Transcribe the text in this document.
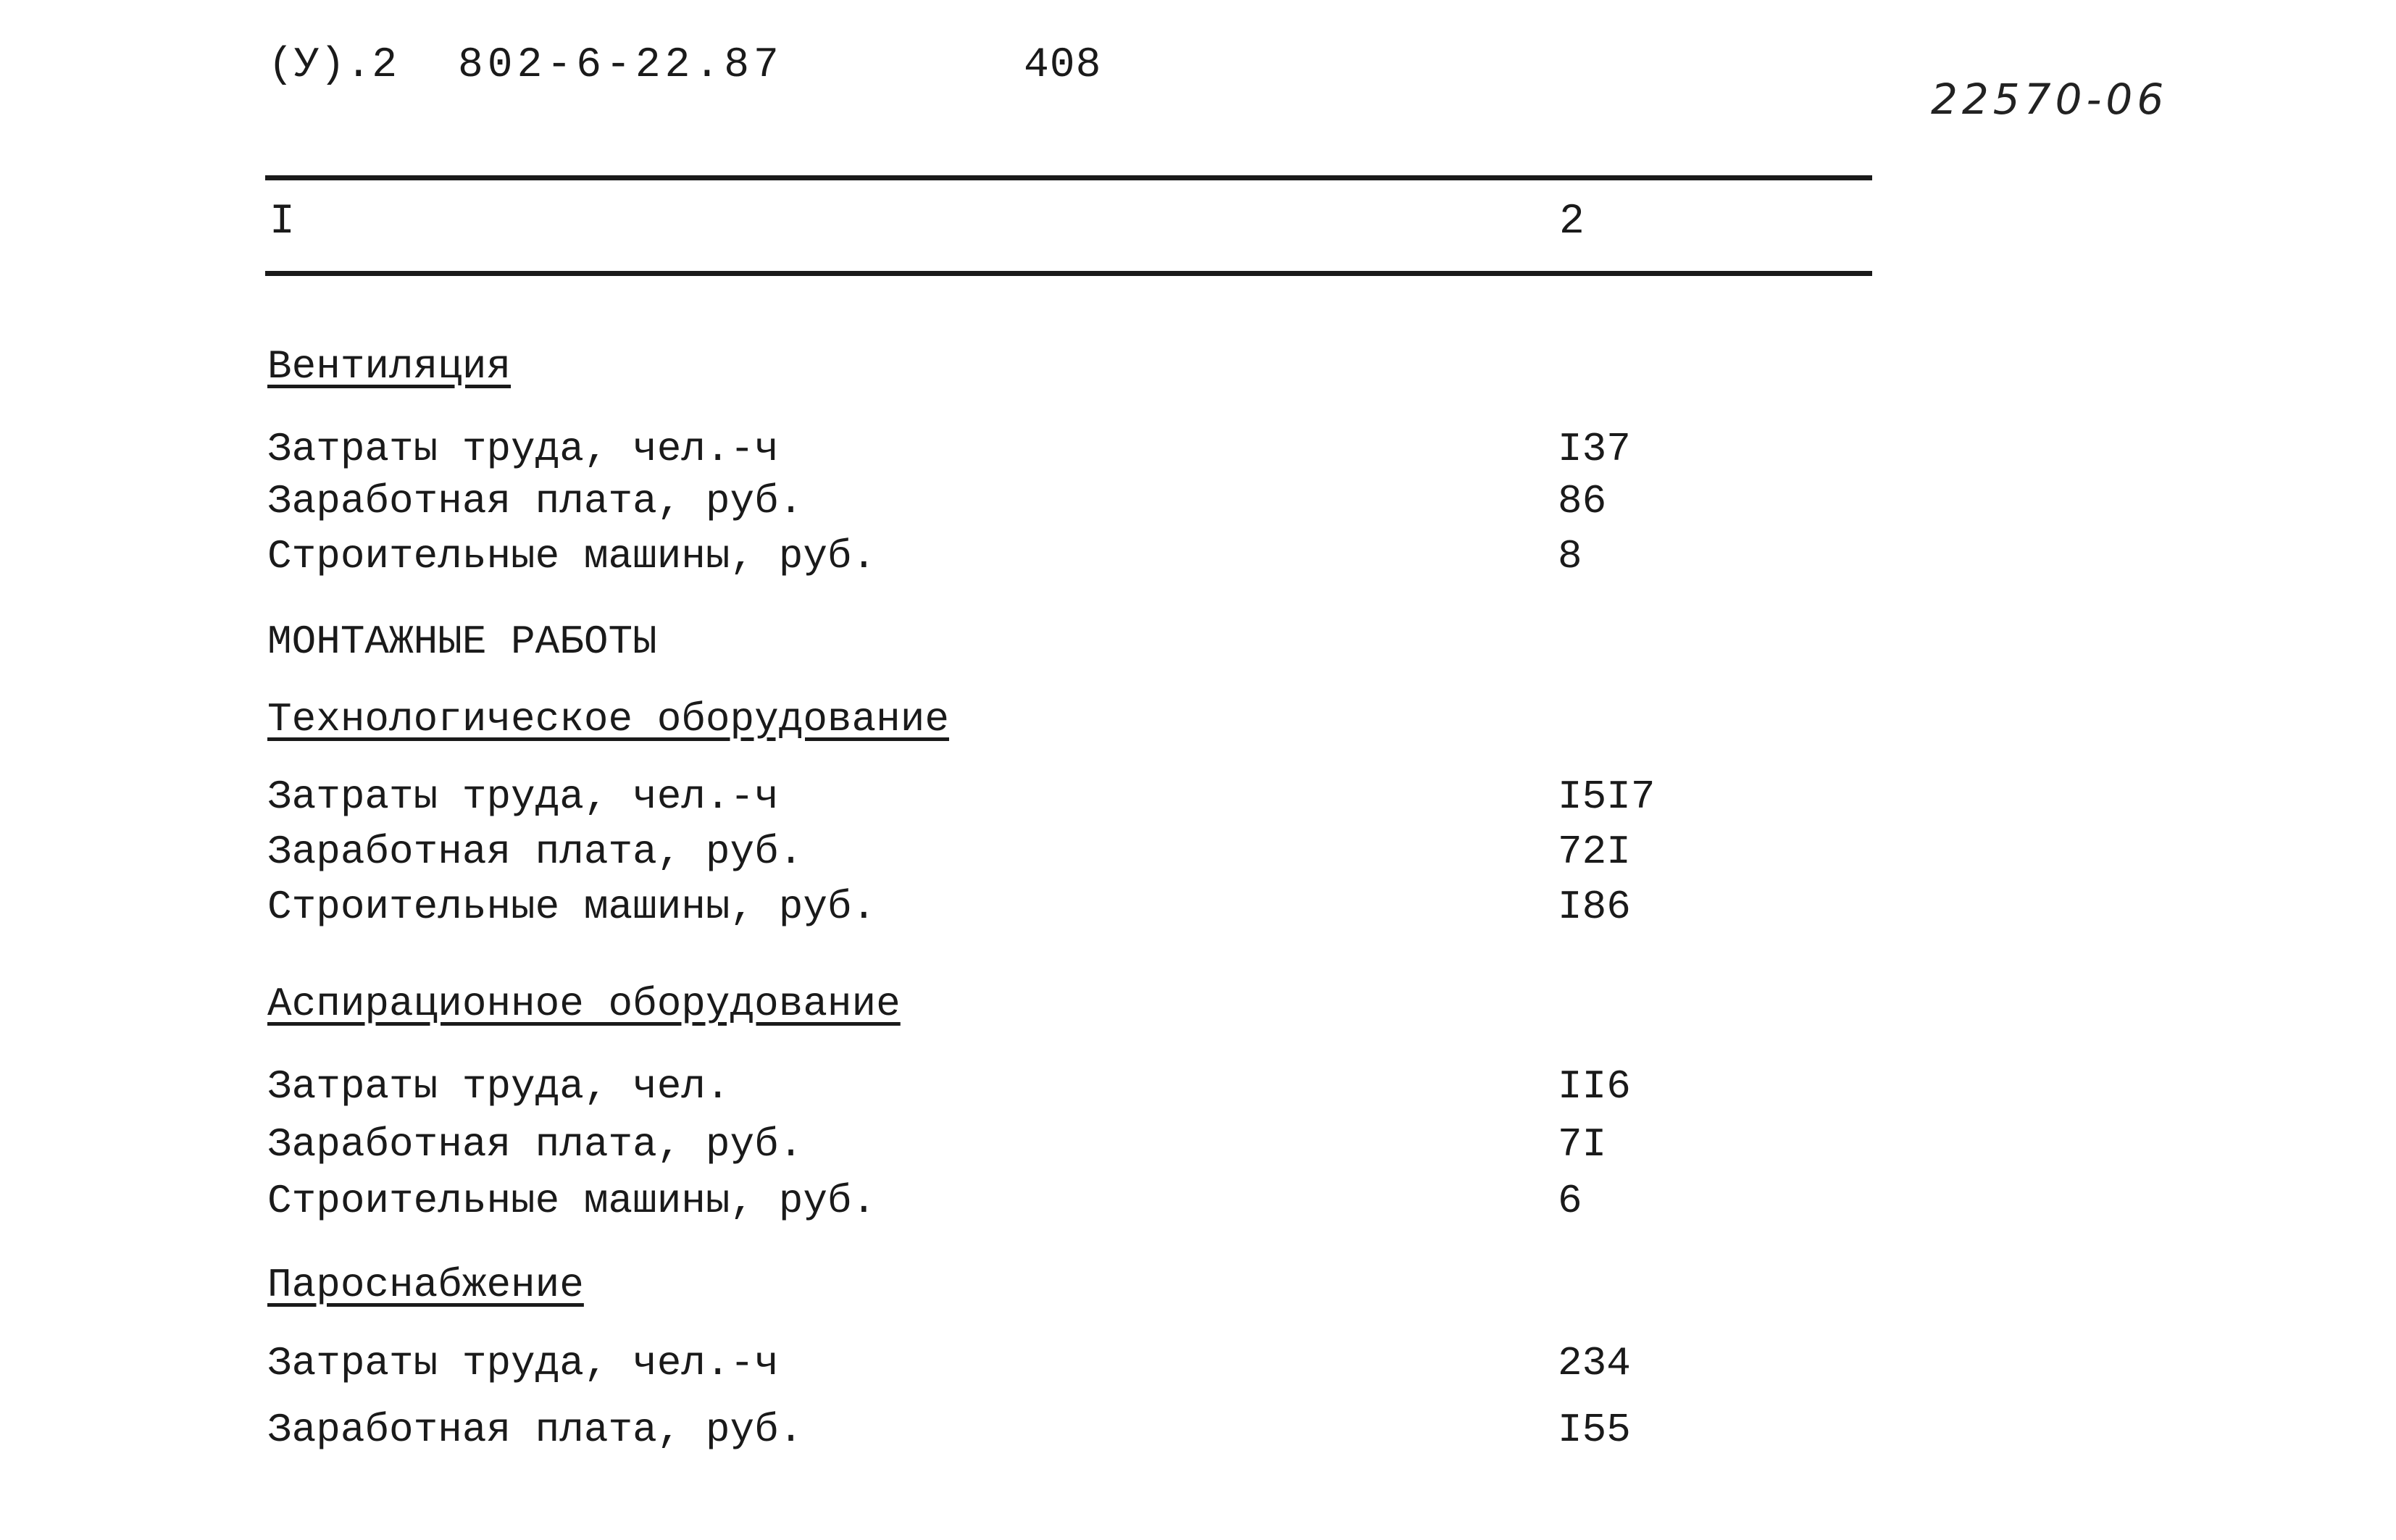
(У).2 802-6-22.87	408
22570-06
I	2
Вентиляция
Затраты труда, чел.-ч	I37
Заработная плата, руб.	86
Строительные машины, руб.	8
МОНТАЖНЫЕ РАБОТЫ
Технологическое оборудование
Затраты труда, чел.-ч	I5I7
Заработная плата, руб.	72I
Строительные машины, руб.	I86
Аспирационное оборудование
Затраты труда, чел.	II6
Заработная плата, руб.	7I
Строительные машины, руб.	6
Пароснабжение
Затраты труда, чел.-ч	234
Заработная плата, руб.	I55
